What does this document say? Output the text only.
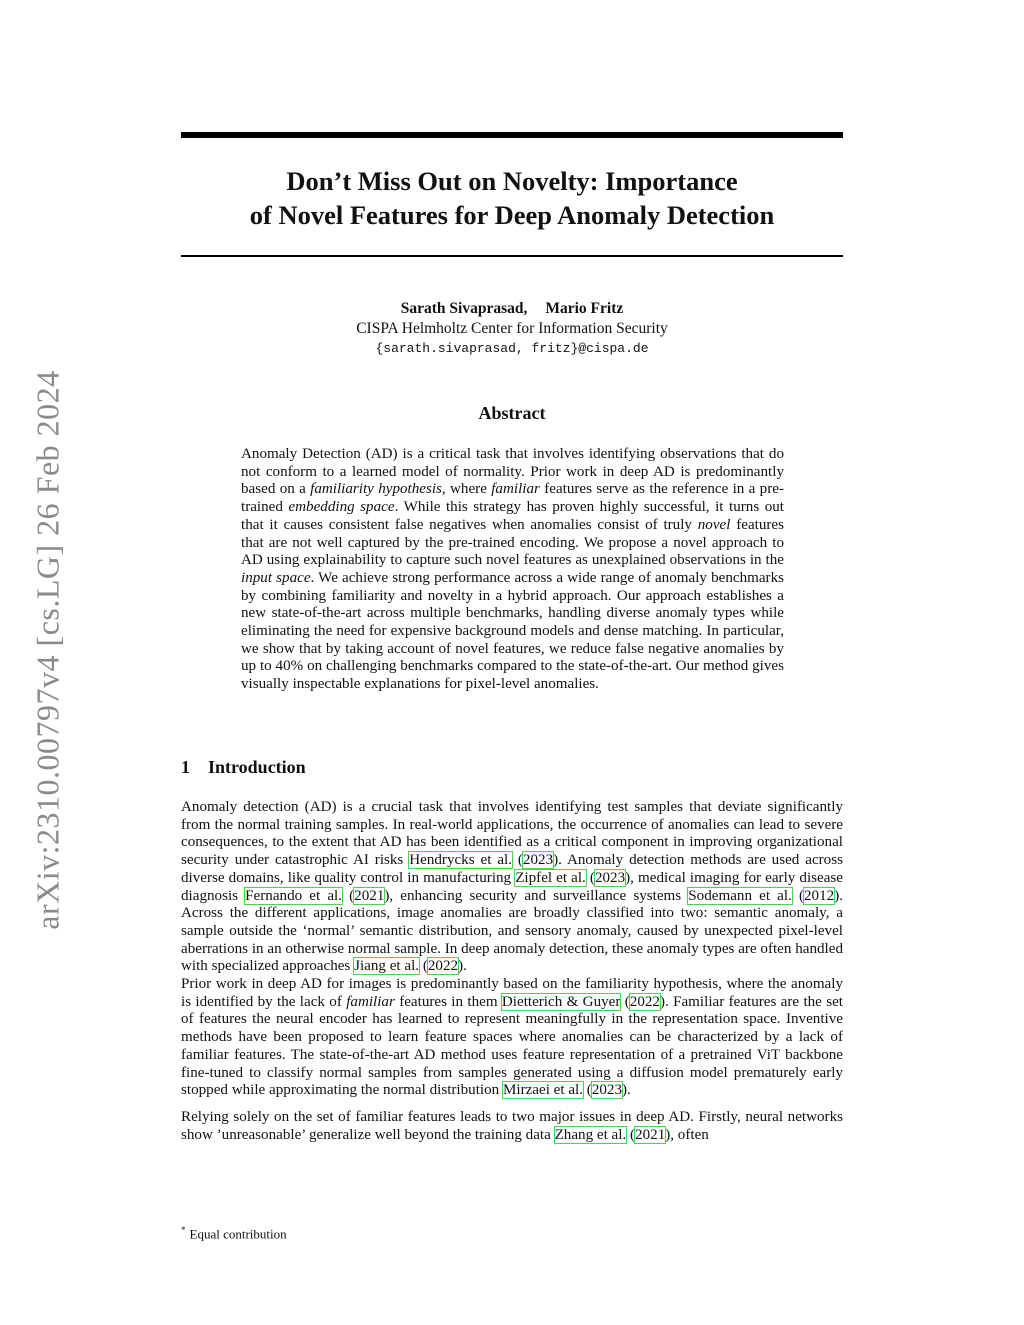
arXiv:2310.00797v4 [cs.LG] 26 Feb 2024
Don’t Miss Out on Novelty: Importance
of Novel Features for Deep Anomaly Detection
Sarath Sivaprasad, Mario Fritz
CISPA Helmholtz Center for Information Security
{sarath.sivaprasad, fritz}@cispa.de
Abstract
Anomaly Detection (AD) is a critical task that involves identifying observations that do not conform to a learned model of normality. Prior work in deep AD is predominantly based on a familiarity hypothesis, where familiar features serve as the reference in a pre-trained embedding space. While this strategy has proven highly successful, it turns out that it causes consistent false negatives when anomalies consist of truly novel features that are not well captured by the pre-trained encoding. We propose a novel approach to AD using explainability to capture such novel features as unexplained observations in the input space. We achieve strong performance across a wide range of anomaly benchmarks by combining familiarity and novelty in a hybrid approach. Our approach establishes a new state-of-the-art across multiple benchmarks, handling diverse anomaly types while eliminating the need for expensive background models and dense matching. In particular, we show that by taking account of novel features, we reduce false negative anomalies by up to 40% on challenging benchmarks compared to the state-of-the-art. Our method gives visually inspectable explanations for pixel-level anomalies.
1 Introduction

Anomaly detection (AD) is a crucial task that involves identifying test samples that deviate significantly from the normal training samples. In real-world applications, the occurrence of anomalies can lead to severe consequences, to the extent that AD has been identified as a critical component in improving organizational security under catastrophic AI risks Hendrycks et al. (2023). Anomaly detection methods are used across diverse domains, like quality control in manufacturing Zipfel et al. (2023), medical imaging for early disease diagnosis Fernando et al. (2021), enhancing security and surveillance systems Sodemann et al. (2012). Across the different applications, image anomalies are broadly classified into two: semantic anomaly, a sample outside the ‘normal’ semantic distribution, and sensory anomaly, caused by unexpected pixel-level aberrations in an otherwise normal sample. In deep anomaly detection, these anomaly types are often handled with specialized approaches Jiang et al. (2022).

Prior work in deep AD for images is predominantly based on the familiarity hypothesis, where the anomaly is identified by the lack of familiar features in them Dietterich & Guyer (2022). Familiar features are the set of features the neural encoder has learned to represent meaningfully in the representation space. Inventive methods have been proposed to learn feature spaces where anomalies can be characterized by a lack of familiar features. The state-of-the-art AD method uses feature representation of a pretrained ViT backbone fine-tuned to classify normal samples from samples generated using a diffusion model prematurely early stopped while approximating the normal distribution Mirzaei et al. (2023).

Relying solely on the set of familiar features leads to two major issues in deep AD. Firstly, neural networks show ’unreasonable’ generalize well beyond the training data Zhang et al. (2021), often

* Equal contribution
